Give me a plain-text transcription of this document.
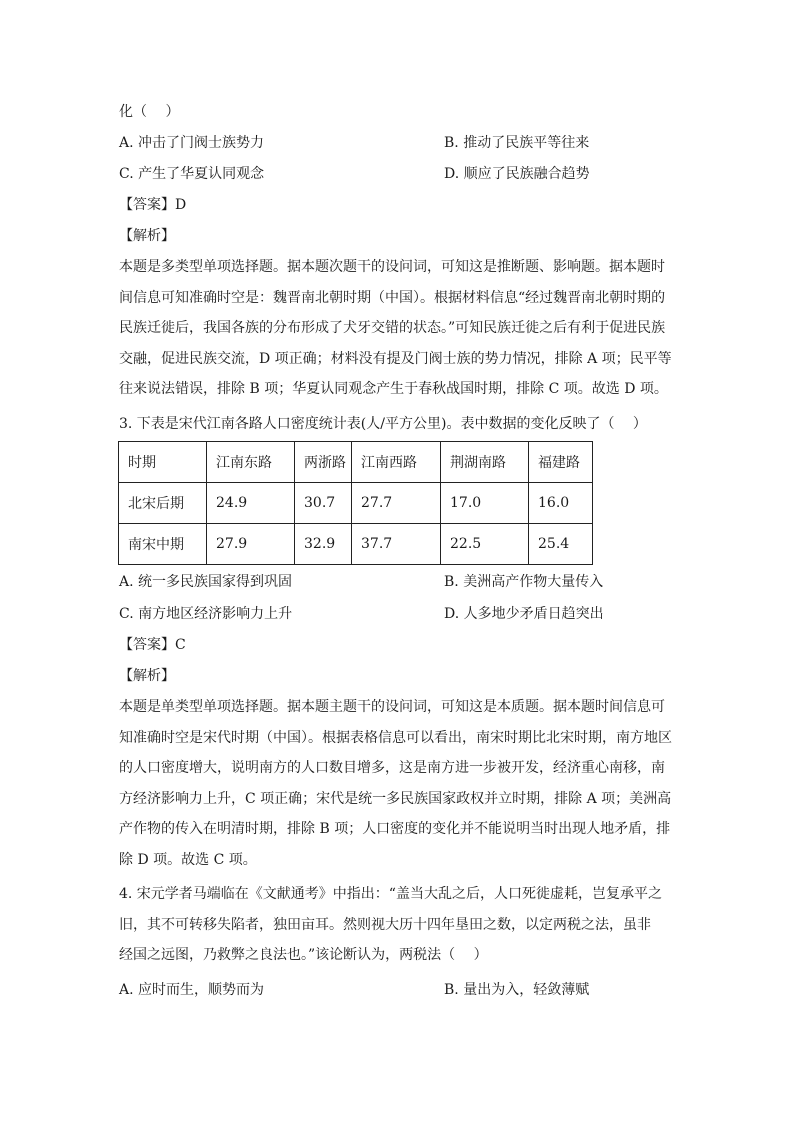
化（　 ）
A. 冲击了门阀士族势力	B. 推动了民族平等往来
C. 产生了华夏认同观念	D. 顺应了民族融合趋势
【答案】D
【解析】
本题是多类型单项选择题。据本题次题干的设问词，可知这是推断题、影响题。据本题时
间信息可知准确时空是：魏晋南北朝时期（中国）。根据材料信息“经过魏晋南北朝时期的
民族迁徙后，我国各族的分布形成了犬牙交错的状态。”可知民族迁徙之后有利于促进民族
交融，促进民族交流，D 项正确；材料没有提及门阀士族的势力情况，排除 A 项；民平等
往来说法错误，排除 B 项；华夏认同观念产生于春秋战国时期，排除 C 项。故选 D 项。
3. 下表是宋代江南各路人口密度统计表(人/平方公里)。表中数据的变化反映了（　 ）
时期	江南东路	两浙路	江南西路	荆湖南路	福建路
北宋后期	24.9	30.7	27.7	17.0	16.0
南宋中期	27.9	32.9	37.7	22.5	25.4
A. 统一多民族国家得到巩固	B. 美洲高产作物大量传入
C. 南方地区经济影响力上升	D. 人多地少矛盾日趋突出
【答案】C
【解析】
本题是单类型单项选择题。据本题主题干的设问词，可知这是本质题。据本题时间信息可
知准确时空是宋代时期（中国）。根据表格信息可以看出，南宋时期比北宋时期，南方地区
的人口密度增大，说明南方的人口数目增多，这是南方进一步被开发，经济重心南移，南
方经济影响力上升，C 项正确；宋代是统一多民族国家政权并立时期，排除 A 项；美洲高
产作物的传入在明清时期，排除 B 项；人口密度的变化并不能说明当时出现人地矛盾，排
除 D 项。故选 C 项。
4. 宋元学者马端临在《文献通考》中指出：“盖当大乱之后，人口死徙虚耗，岂复承平之
旧，其不可转移失陷者，独田亩耳。然则视大历十四年垦田之数，以定两税之法，虽非
经国之远图，乃救弊之良法也。”该论断认为，两税法（　 ）
A. 应时而生，顺势而为	B. 量出为入，轻敛薄赋
